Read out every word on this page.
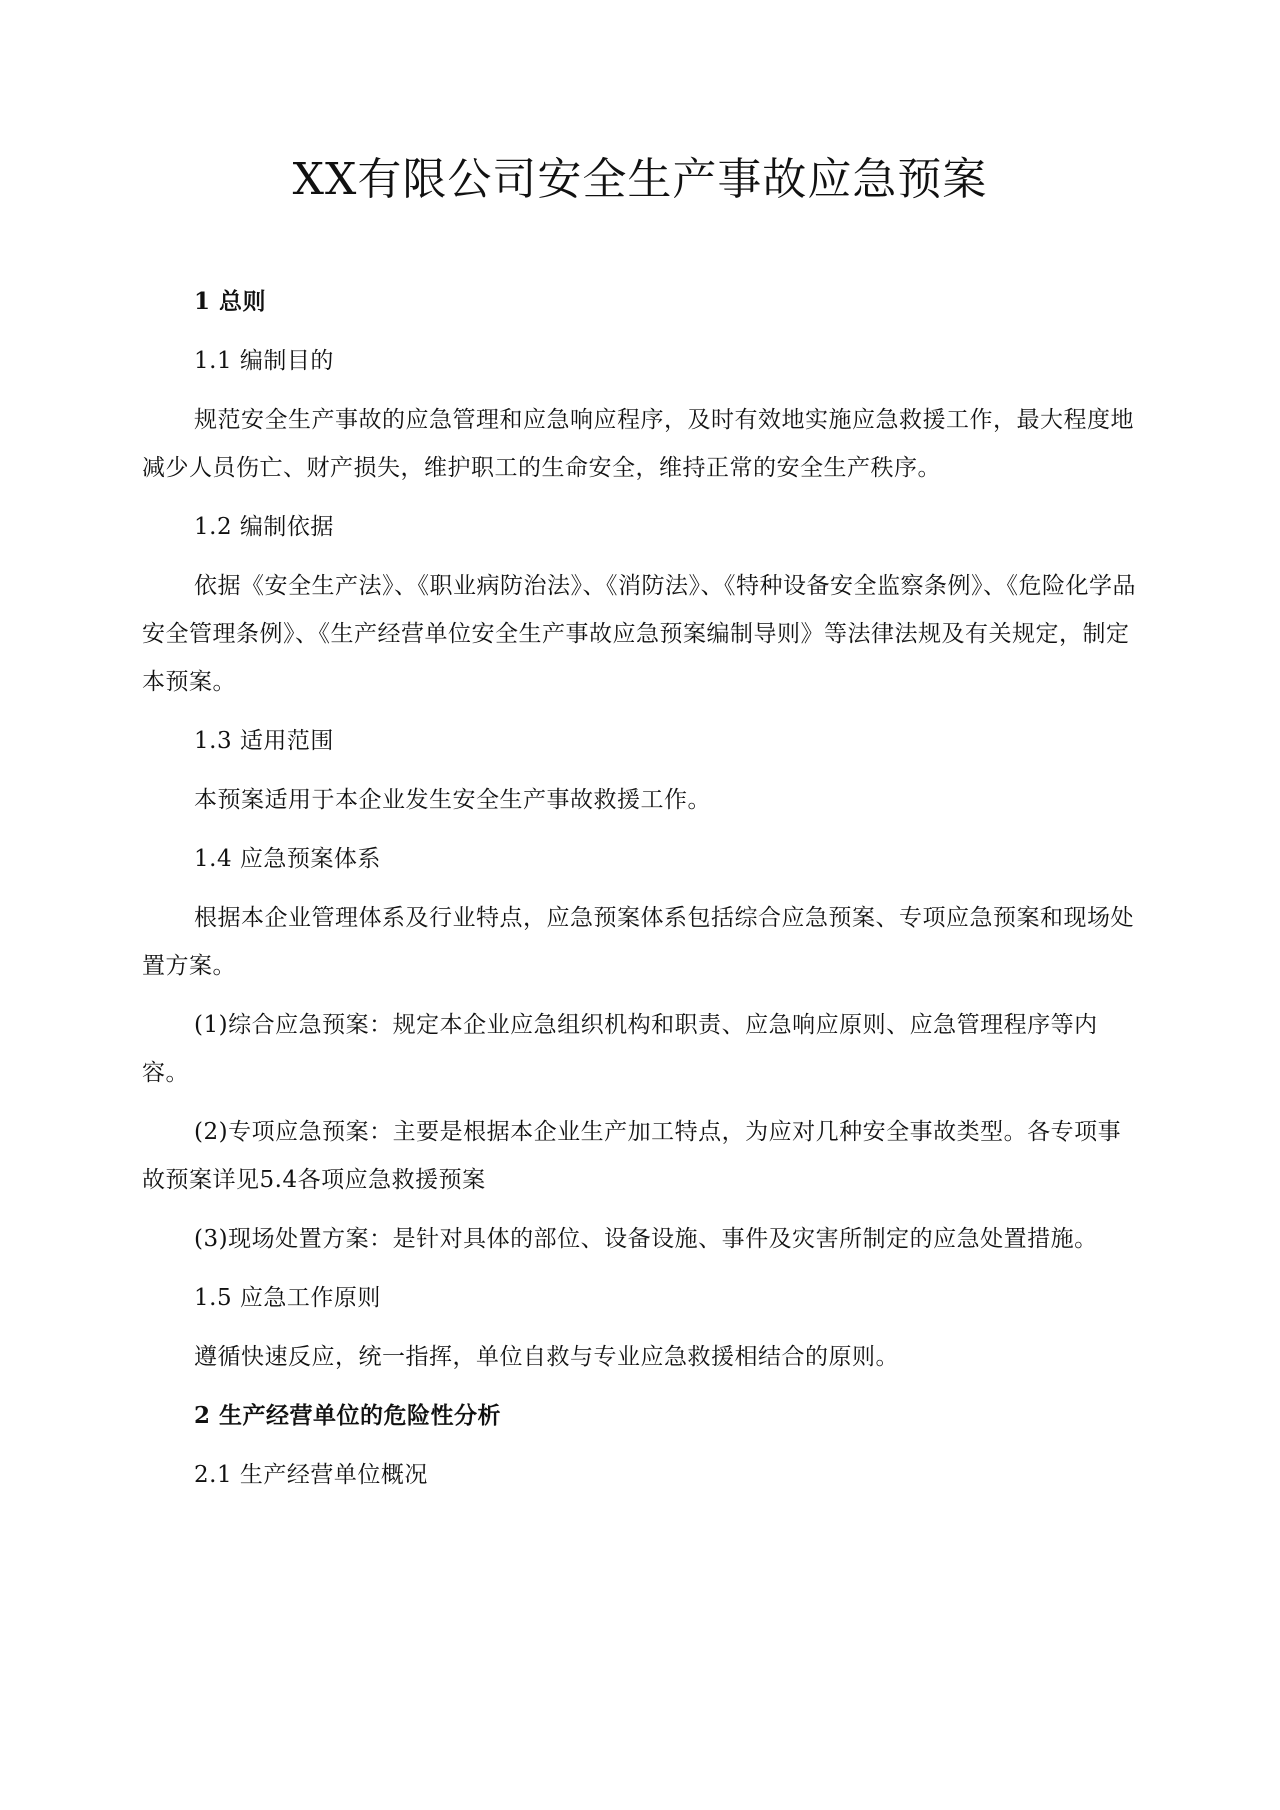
XX有限公司安全生产事故应急预案

1 总则

1.1 编制目的

规范安全生产事故的应急管理和应急响应程序，及时有效地实施应急救援工作，最大程度地减少人员伤亡、财产损失，维护职工的生命安全，维持正常的安全生产秩序。

1.2 编制依据

依据《安全生产法》、《职业病防治法》、《消防法》、《特种设备安全监察条例》、《危险化学品安全管理条例》、《生产经营单位安全生产事故应急预案编制导则》等法律法规及有关规定，制定本预案。

1.3 适用范围

本预案适用于本企业发生安全生产事故救援工作。

1.4 应急预案体系

根据本企业管理体系及行业特点，应急预案体系包括综合应急预案、专项应急预案和现场处置方案。

(1)综合应急预案：规定本企业应急组织机构和职责、应急响应原则、应急管理程序等内容。

(2)专项应急预案：主要是根据本企业生产加工特点，为应对几种安全事故类型。各专项事故预案详见5.4各项应急救援预案

(3)现场处置方案：是针对具体的部位、设备设施、事件及灾害所制定的应急处置措施。

1.5 应急工作原则

遵循快速反应，统一指挥，单位自救与专业应急救援相结合的原则。

2 生产经营单位的危险性分析

2.1 生产经营单位概况
